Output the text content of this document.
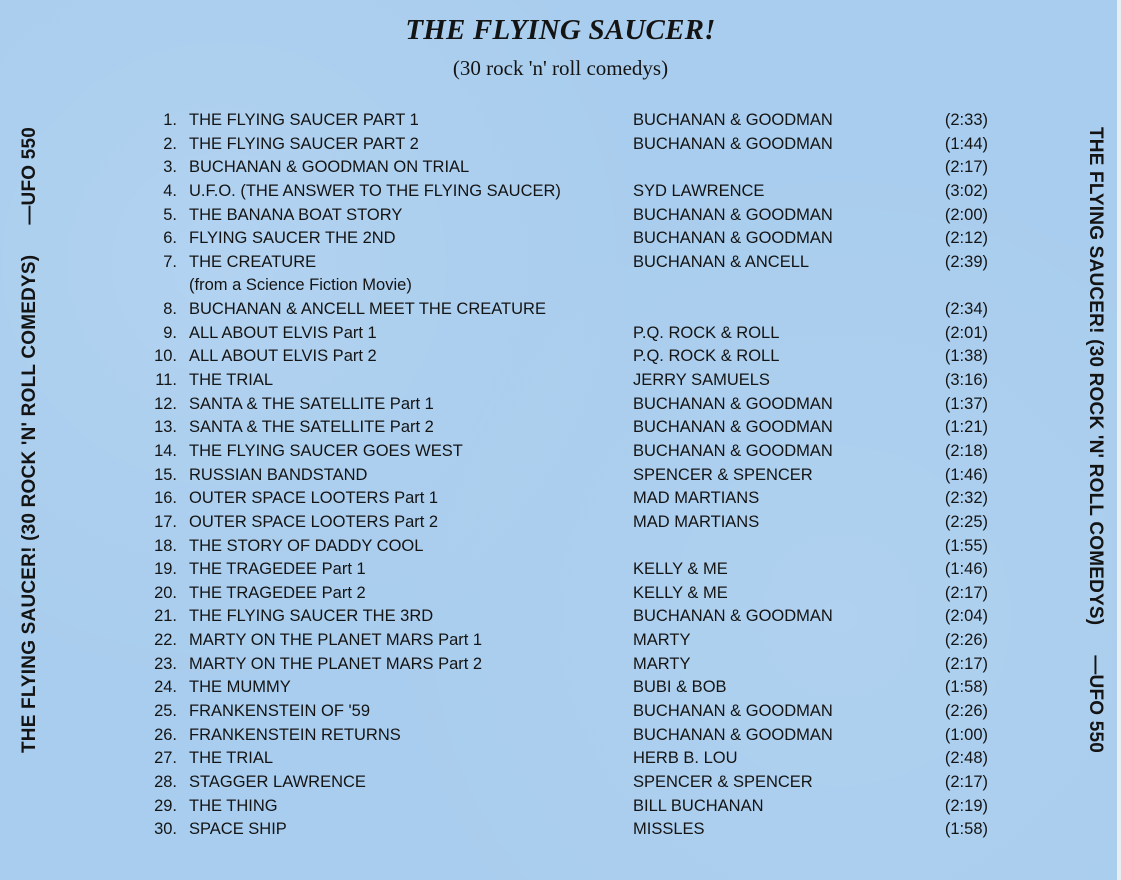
THE FLYING SAUCER!
(30 rock 'n' roll comedys)
THE FLYING SAUCER! (30 ROCK 'N' ROLL COMEDYS)—UFO 550	THE FLYING SAUCER! (30 ROCK 'N' ROLL COMEDYS)—UFO 550
1. THE FLYING SAUCER PART 1	BUCHANAN & GOODMAN	(2:33)
2. THE FLYING SAUCER PART 2	BUCHANAN & GOODMAN	(1:44)
3. BUCHANAN & GOODMAN ON TRIAL	(2:17)
4. U.F.O. (THE ANSWER TO THE FLYING SAUCER)	SYD LAWRENCE	(3:02)
5. THE BANANA BOAT STORY	BUCHANAN & GOODMAN	(2:00)
6. FLYING SAUCER THE 2ND	BUCHANAN & GOODMAN	(2:12)
7. THE CREATURE	BUCHANAN & ANCELL	(2:39)
(from a Science Fiction Movie)
8. BUCHANAN & ANCELL MEET THE CREATURE	(2:34)
9. ALL ABOUT ELVIS Part 1	P.Q. ROCK & ROLL	(2:01)
10. ALL ABOUT ELVIS Part 2	P.Q. ROCK & ROLL	(1:38)
11. THE TRIAL	JERRY SAMUELS	(3:16)
12. SANTA & THE SATELLITE Part 1	BUCHANAN & GOODMAN	(1:37)
13. SANTA & THE SATELLITE Part 2	BUCHANAN & GOODMAN	(1:21)
14. THE FLYING SAUCER GOES WEST	BUCHANAN & GOODMAN	(2:18)
15. RUSSIAN BANDSTAND	SPENCER & SPENCER	(1:46)
16. OUTER SPACE LOOTERS Part 1	MAD MARTIANS	(2:32)
17. OUTER SPACE LOOTERS Part 2	MAD MARTIANS	(2:25)
18. THE STORY OF DADDY COOL	(1:55)
19. THE TRAGEDEE Part 1	KELLY & ME	(1:46)
20. THE TRAGEDEE Part 2	KELLY & ME	(2:17)
21. THE FLYING SAUCER THE 3RD	BUCHANAN & GOODMAN	(2:04)
22. MARTY ON THE PLANET MARS Part 1	MARTY	(2:26)
23. MARTY ON THE PLANET MARS Part 2	MARTY	(2:17)
24. THE MUMMY	BUBI & BOB	(1:58)
25. FRANKENSTEIN OF '59	BUCHANAN & GOODMAN	(2:26)
26. FRANKENSTEIN RETURNS	BUCHANAN & GOODMAN	(1:00)
27. THE TRIAL	HERB B. LOU	(2:48)
28. STAGGER LAWRENCE	SPENCER & SPENCER	(2:17)
29. THE THING	BILL BUCHANAN	(2:19)
30. SPACE SHIP	MISSLES	(1:58)
